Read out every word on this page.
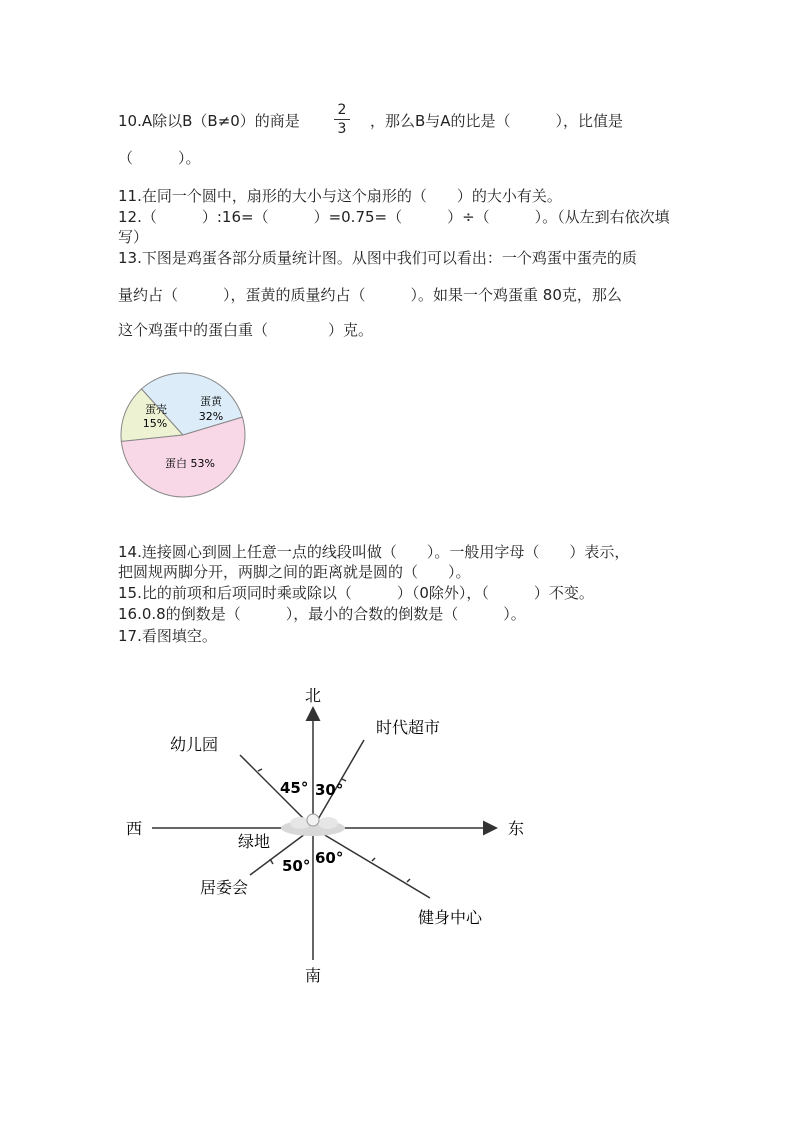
10.A除以B（B≠0）的商是
2
3 ，那么B与A的比是（　　　），比值是
（　　　）。
11.在同一个圆中，扇形的大小与这个扇形的（　　）的大小有关。
12.（　　　）:16=（　　　）=0.75=（　　　）÷（　　　）。（从左到右依次填
写）
13.下图是鸡蛋各部分质量统计图。从图中我们可以看出：一个鸡蛋中蛋壳的质
量约占（　　　），蛋黄的质量约占（　　　）。如果一个鸡蛋重 80克，那么
这个鸡蛋中的蛋白重（　　　　）克。
蛋壳
15%
蛋黄
32%
蛋白 53%
14.连接圆心到圆上任意一点的线段叫做（　　）。一般用字母（　　）表示，
把圆规两脚分开，两脚之间的距离就是圆的（　　）。
15.比的前项和后项同时乘或除以（　　　）（0除外），（　　　）不变。
16.0.8的倒数是（　　　），最小的合数的倒数是（　　　）。
17.看图填空。
北
南
东
西
绿地
幼儿园
时代超市
居委会
健身中心
45° 30°
50° 60°
